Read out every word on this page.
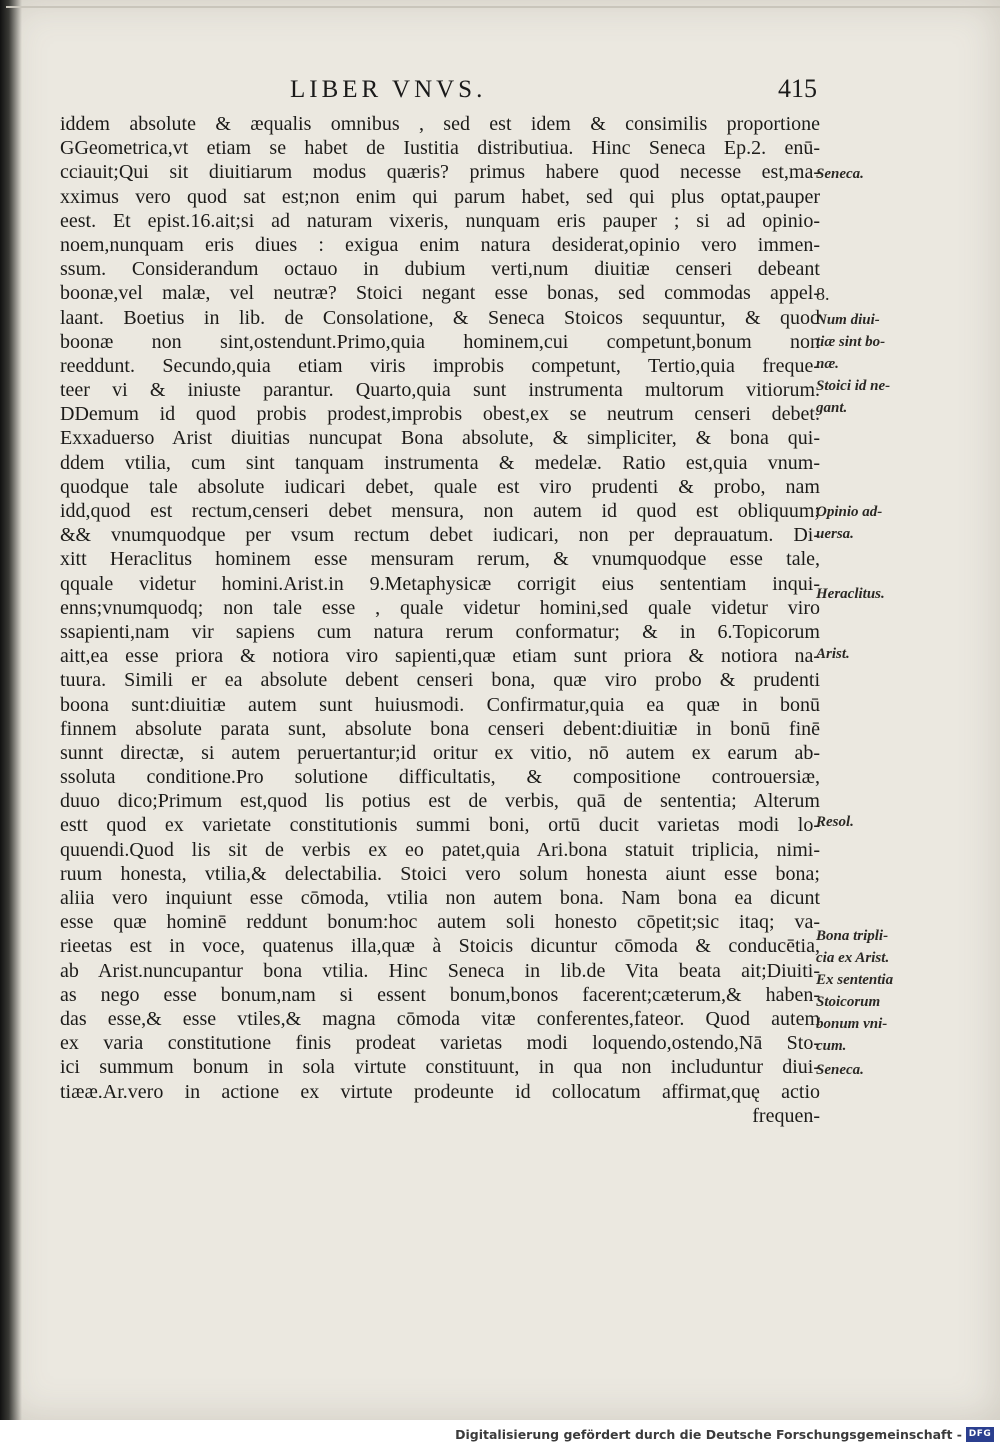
LIBER VNVS.	415
iddem absolute & æqualis omnibus , sed est idem & consimilis proportione
GGeometrica,vt etiam se habet de Iustitia distributiua. Hinc Seneca Ep.2. enū-
cciauit;Qui sit diuitiarum modus quæris? primus habere quod necesse est,ma-
xximus vero quod sat est;non enim qui parum habet, sed qui plus optat,pauper
eest. Et epist.16.ait;si ad naturam vixeris, nunquam eris pauper ; si ad opinio-
noem,nunquam eris diues : exigua enim natura desiderat,opinio vero immen-
ssum. Considerandum octauo in dubium verti,num diuitiæ censeri debeant
boonæ,vel malæ, vel neutræ? Stoici negant esse bonas, sed commodas appel-
laant. Boetius in lib. de Consolatione, & Seneca Stoicos sequuntur, & quod
boonæ non sint,ostendunt.Primo,quia hominem,cui competunt,bonum non
reeddunt. Secundo,quia etiam viris improbis competunt, Tertio,quia freque-
teer vi & iniuste parantur. Quarto,quia sunt instrumenta multorum vitiorum.
DDemum id quod probis prodest,improbis obest,ex se neutrum censeri debet.
Exxaduerso Arist diuitias nuncupat Bona absolute, & simpliciter, & bona qui-
ddem vtilia, cum sint tanquam instrumenta & medelæ. Ratio est,quia vnum-
quodque tale absolute iudicari debet, quale est viro prudenti & probo, nam
idd,quod est rectum,censeri debet mensura, non autem id quod est obliquum;
&& vnumquodque per vsum rectum debet iudicari, non per deprauatum. Di-
xitt Heraclitus hominem esse mensuram rerum, & vnumquodque esse tale,
qquale videtur homini.Arist.in 9.Metaphysicæ corrigit eius sententiam inqui-
enns;vnumquodq; non tale esse , quale videtur homini,sed quale videtur viro
ssapienti,nam vir sapiens cum natura rerum conformatur; & in 6.Topicorum
aitt,ea esse priora & notiora viro sapienti,quæ etiam sunt priora & notiora na-
tuura. Simili er ea absolute debent censeri bona, quæ viro probo & prudenti
boona sunt:diuitiæ autem sunt huiusmodi. Confirmatur,quia ea quæ in bonū
finnem absolute parata sunt, absolute bona censeri debent:diuitiæ in bonū finē
sunnt directæ, si autem peruertantur;id oritur ex vitio, nō autem ex earum ab-
ssoluta conditione.Pro solutione difficultatis, & compositione controuersiæ,
duuo dico;Primum est,quod lis potius est de verbis, quā de sententia; Alterum
estt quod ex varietate constitutionis summi boni, ortū ducit varietas modi lo-
quuendi.Quod lis sit de verbis ex eo patet,quia Ari.bona statuit triplicia, nimi-
ruum honesta, vtilia,& delectabilia. Stoici vero solum honesta aiunt esse bona;
aliia vero inquiunt esse cōmoda, vtilia non autem bona. Nam bona ea dicunt
esse quæ hominē reddunt bonum:hoc autem soli honesto cōpetit;sic itaq; va-
rieetas est in voce, quatenus illa,quæ à Stoicis dicuntur cōmoda & conducētia,
ab Arist.nuncupantur bona vtilia. Hinc Seneca in lib.de Vita beata ait;Diuiti-
as nego esse bonum,nam si essent bonum,bonos facerent;cæterum,& haben-
das esse,& esse vtiles,& magna cōmoda vitæ conferentes,fateor. Quod autem
ex varia constitutione finis prodeat varietas modi loquendo,ostendo,Nā Sto-
ici summum bonum in sola virtute constituunt, in qua non includuntur diui-
tiææ.Ar.vero in actione ex virtute prodeunte id collocatum affirmat,quę actio
frequen-
Seneca.
8.
Num diui-
tiæ sint bo-
næ.
Stoici id ne-
gant.
Opinio ad-
uersa.
Heraclitus.
Arist.
Resol.
Bona tripli-
cia ex Arist.
Ex sententia
Stoicorum
bonum vni-
cum.
Seneca.
Digitalisierung gefördert durch die Deutsche Forschungsgemeinschaft - DFG
